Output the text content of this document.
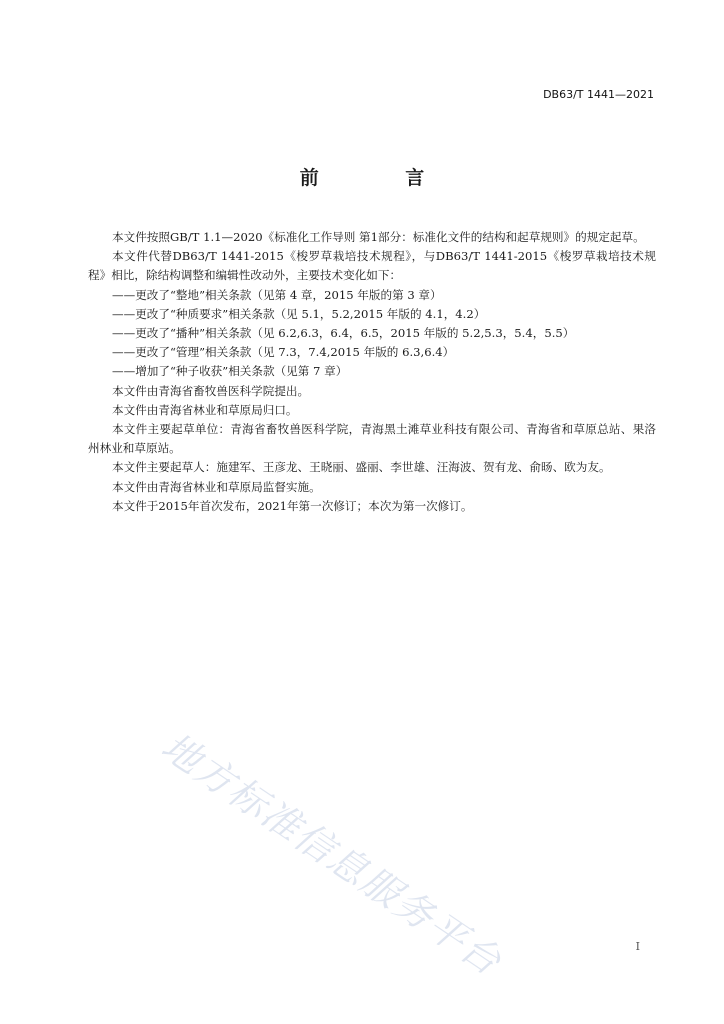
DB63/T 1441—2021
前 言

本文件按照GB/T 1.1—2020《标准化工作导则 第1部分：标准化文件的结构和起草规则》的规定起草。

本文件代替DB63/T 1441-2015《梭罗草栽培技术规程》，与DB63/T 1441-2015《梭罗草栽培技术规程》相比，除结构调整和编辑性改动外，主要技术变化如下：

——更改了“整地”相关条款（见第 4 章，2015 年版的第 3 章）

——更改了“种质要求”相关条款（见 5.1，5.2,2015 年版的 4.1，4.2）

——更改了“播种”相关条款（见 6.2,6.3，6.4，6.5，2015 年版的 5.2,5.3，5.4，5.5）

——更改了“管理”相关条款（见 7.3，7.4,2015 年版的 6.3,6.4）

——增加了“种子收获”相关条款（见第 7 章）

本文件由青海省畜牧兽医科学院提出。

本文件由青海省林业和草原局归口。

本文件主要起草单位：青海省畜牧兽医科学院，青海黑土滩草业科技有限公司、青海省和草原总站、果洛州林业和草原站。

本文件主要起草人：施建军、王彦龙、王晓丽、盛丽、李世雄、汪海波、贺有龙、俞旸、欧为友。

本文件由青海省林业和草原局监督实施。

本文件于2015年首次发布，2021年第一次修订；本次为第一次修订。

地方标准信息服务平台	I
